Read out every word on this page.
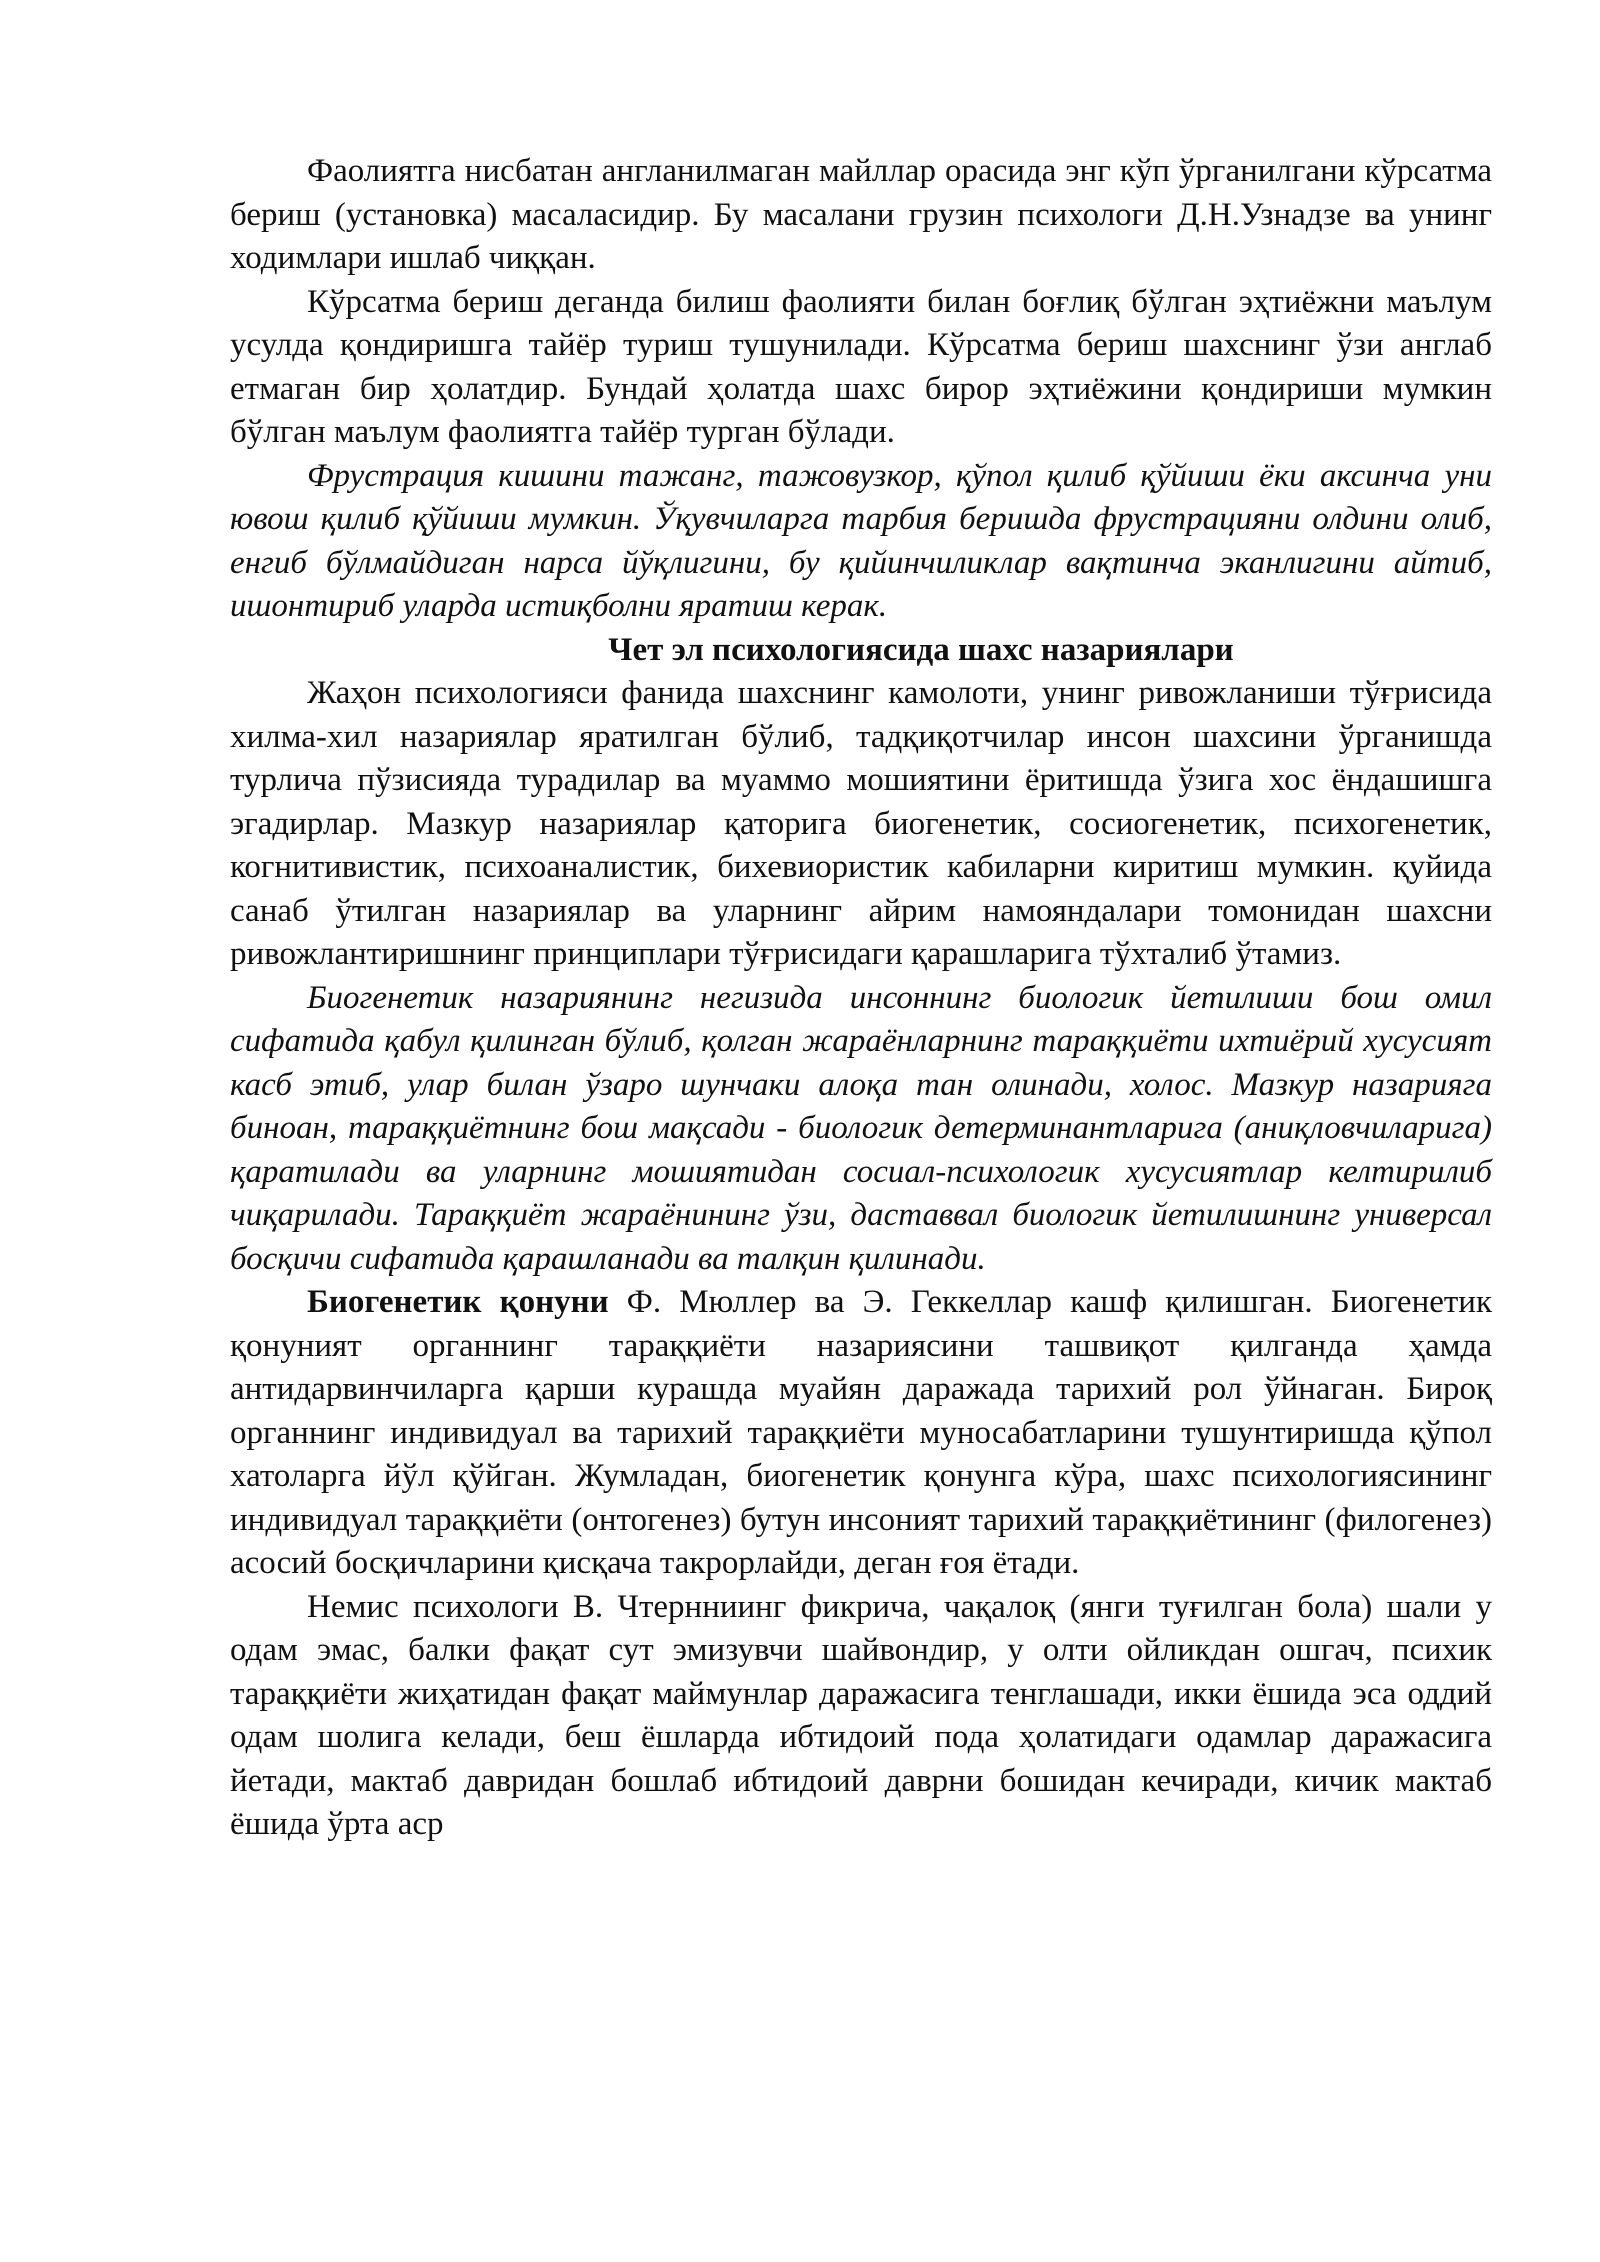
Фаолиятга нисбатан англанилмаган майллар орасида энг кўп ўрганилгани кўрсатма бериш (установка) масаласидир. Бу масалани грузин психологи Д.Н.Узнадзе ва унинг ходимлари ишлаб чиққан.

Кўрсатма бериш деганда билиш фаолияти билан боғлиқ бўлган эҳтиёжни маълум усулда қондиришга тайёр туриш тушунилади. Кўрсатма бериш шахснинг ўзи англаб етмаган бир ҳолатдир. Бундай ҳолатда шахс бирор эҳтиёжини қондириши мумкин бўлган маълум фаолиятга тайёр турган бўлади.

Фрустрация кишини тажанг, тажовузкор, қўпол қилиб қўйиши ёки аксинча уни ювош қилиб қўйиши мумкин. Ўқувчиларга тарбия беришда фрустрацияни олдини олиб, енгиб бўлмайдиган нарса йўқлигини, бу қийинчиликлар вақтинча эканлигини айтиб, ишонтириб уларда истиқболни яратиш керак.

Чет эл психологиясида шахс назариялари

Жаҳон психологияси фанида шахснинг камолоти, унинг ривожланиши тўғрисида хилма-хил назариялар яратилган бўлиб, тадқиқотчилар инсон шахсини ўрганишда турлича пўзисияда турадилар ва муаммо мошиятини ёритишда ўзига хос ёндашишга эгадирлар. Мазкур назариялар қаторига биогенетик, сосиогенетик, психогенетик, когнитивистик, психоаналистик, бихевиористик кабиларни киритиш мумкин. қуйида санаб ўтилган назариялар ва уларнинг айрим намояндалари томонидан шахсни ривожлантиришнинг принциплари тўғрисидаги қарашларига тўхталиб ўтамиз.

Биогенетик назариянинг негизида инсоннинг биологик йетилиши бош омил сифатида қабул қилинган бўлиб, қолган жараёнларнинг тараққиёти ихтиёрий хусусият касб этиб, улар билан ўзаро шунчаки алоқа тан олинади, холос. Мазкур назарияга биноан, тараққиётнинг бош мақсади - биологик детерминантларига (аниқловчиларига) қаратилади ва уларнинг мошиятидан сосиал-психологик хусусиятлар келтирилиб чиқарилади. Тараққиёт жараёнининг ўзи, даставвал биологик йетилишнинг универсал босқичи сифатида қарашланади ва талқин қилинади.

Биогенетик қонуни Ф. Мюллер ва Э. Геккеллар кашф қилишган. Биогенетик қонуният органнинг тараққиёти назариясини ташвиқот қилганда ҳамда антидарвинчиларга қарши курашда муайян даражада тарихий рол ўйнаган. Бироқ органнинг индивидуал ва тарихий тараққиёти муносабатларини тушунтиришда қўпол хатоларга йўл қўйган. Жумладан, биогенетик қонунга кўра, шахс психологиясининг индивидуал тараққиёти (онтогенез) бутун инсоният тарихий тараққиётининг (филогенез) асосий босқичларини қисқача такрорлайди, деган ғоя ётади.

Немис психологи В. Чтернниинг фикрича, чақалоқ (янги туғилган бола) шали у одам эмас, балки фақат сут эмизувчи шайвондир, у олти ойликдан ошгач, психик тараққиёти жиҳатидан фақат маймунлар даражасига тенглашади, икки ёшида эса оддий одам шолига келади, беш ёшларда ибтидоий пода ҳолатидаги одамлар даражасига йетади, мактаб давридан бошлаб ибтидоий даврни бошидан кечиради, кичик мактаб ёшида ўрта аср
